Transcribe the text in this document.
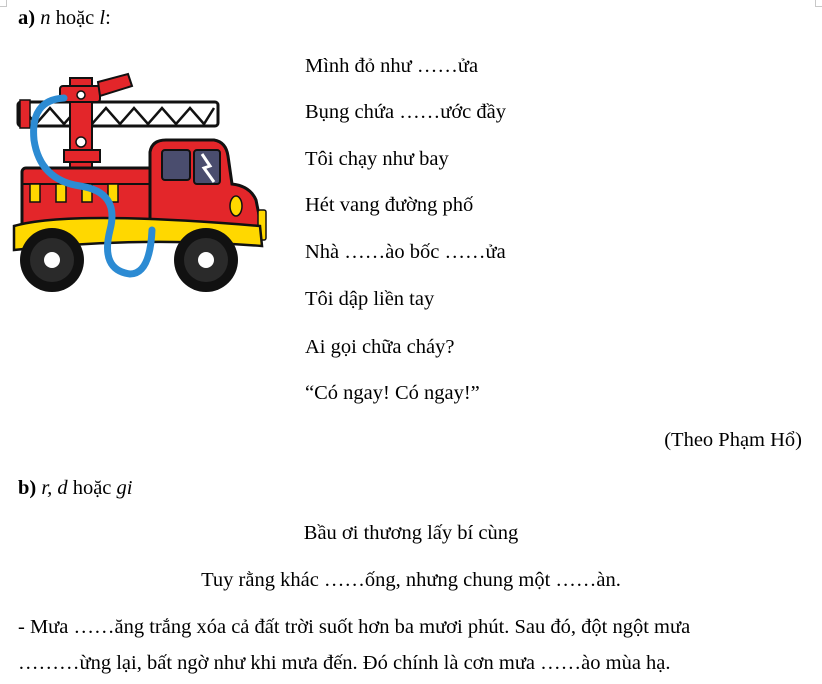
a) n hoặc l:
Mình đỏ như ……ửa
Bụng chứa ……ước đầy
Tôi chạy như bay
Hét vang đường phố
Nhà ……ào bốc ……ửa
Tôi dập liền tay
Ai gọi chữa cháy?
“Có ngay! Có ngay!”
(Theo Phạm Hổ)
b) r, d hoặc gi
Bầu ơi thương lấy bí cùng
Tuy rằng khác ……ống, nhưng chung một ……àn.
- Mưa ……ăng trắng xóa cả đất trời suốt hơn ba mươi phút. Sau đó, đột ngột mưa
………ừng lại, bất ngờ như khi mưa đến. Đó chính là cơn mưa ……ào mùa hạ.
